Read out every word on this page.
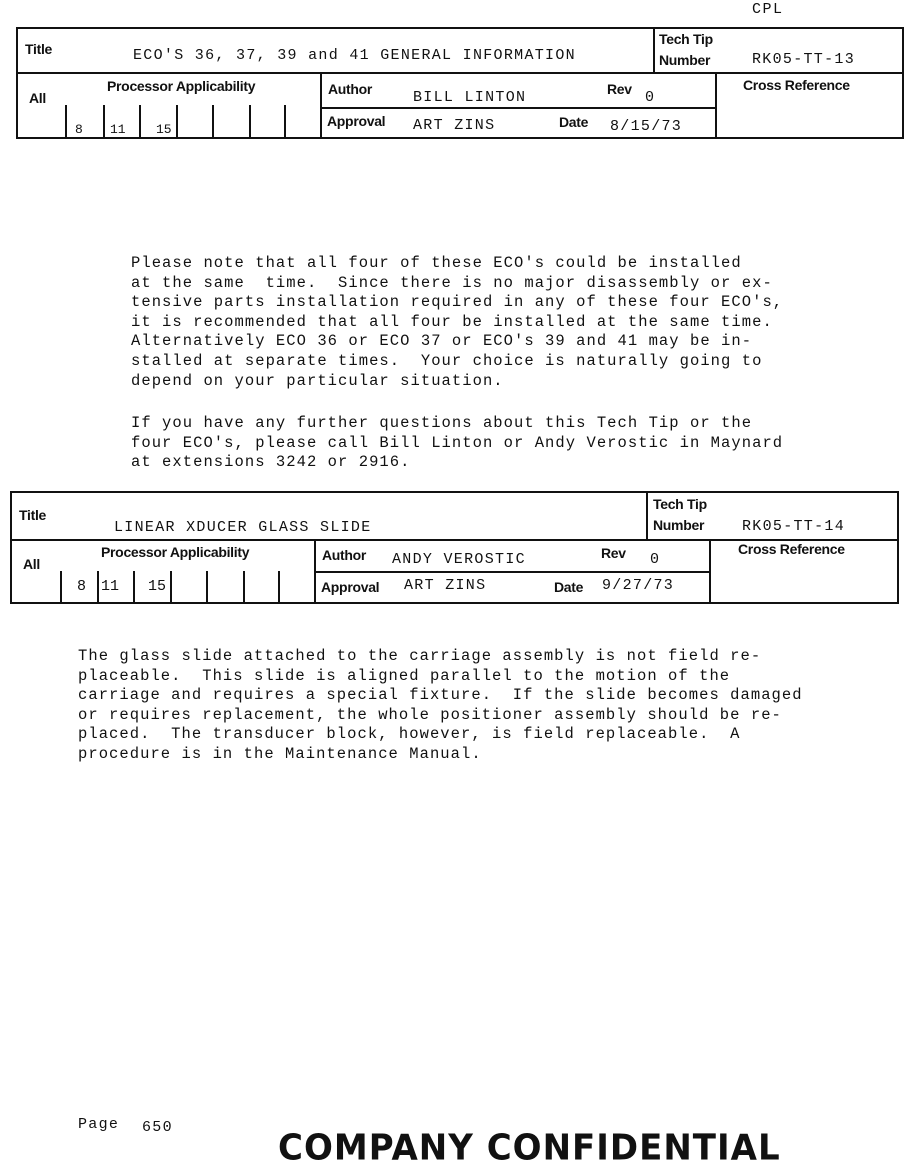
CPL
Title	ECO'S 36, 37, 39 and 41 GENERAL INFORMATION
Tech Tip
Number	RK05-TT-13
Processor Applicability
All
8 11 15
Author	BILL LINTON	Rev 0
Approval ART ZINS	Date 8/15/73
Cross Reference
Please note that all four of these ECO's could be installed
at the same  time.  Since there is no major disassembly or ex-
tensive parts installation required in any of these four ECO's,
it is recommended that all four be installed at the same time.
Alternatively ECO 36 or ECO 37 or ECO's 39 and 41 may be in-
stalled at separate times.  Your choice is naturally going to
depend on your particular situation.
If you have any further questions about this Tech Tip or the
four ECO's, please call Bill Linton or Andy Verostic in Maynard
at extensions 3242 or 2916.
Title
LINEAR XDUCER GLASS SLIDE
Tech Tip
Number	RK05-TT-14
Processor Applicability
All
8 11 15
Author ANDY VEROSTIC	Rev 0
Approval ART ZINS	Date 9/27/73
Cross Reference
The glass slide attached to the carriage assembly is not field re-
placeable.  This slide is aligned parallel to the motion of the
carriage and requires a special fixture.  If the slide becomes damaged
or requires replacement, the whole positioner assembly should be re-
placed.  The transducer block, however, is field replaceable.  A
procedure is in the Maintenance Manual.
Page 650	COMPANY CONFIDENTIAL
